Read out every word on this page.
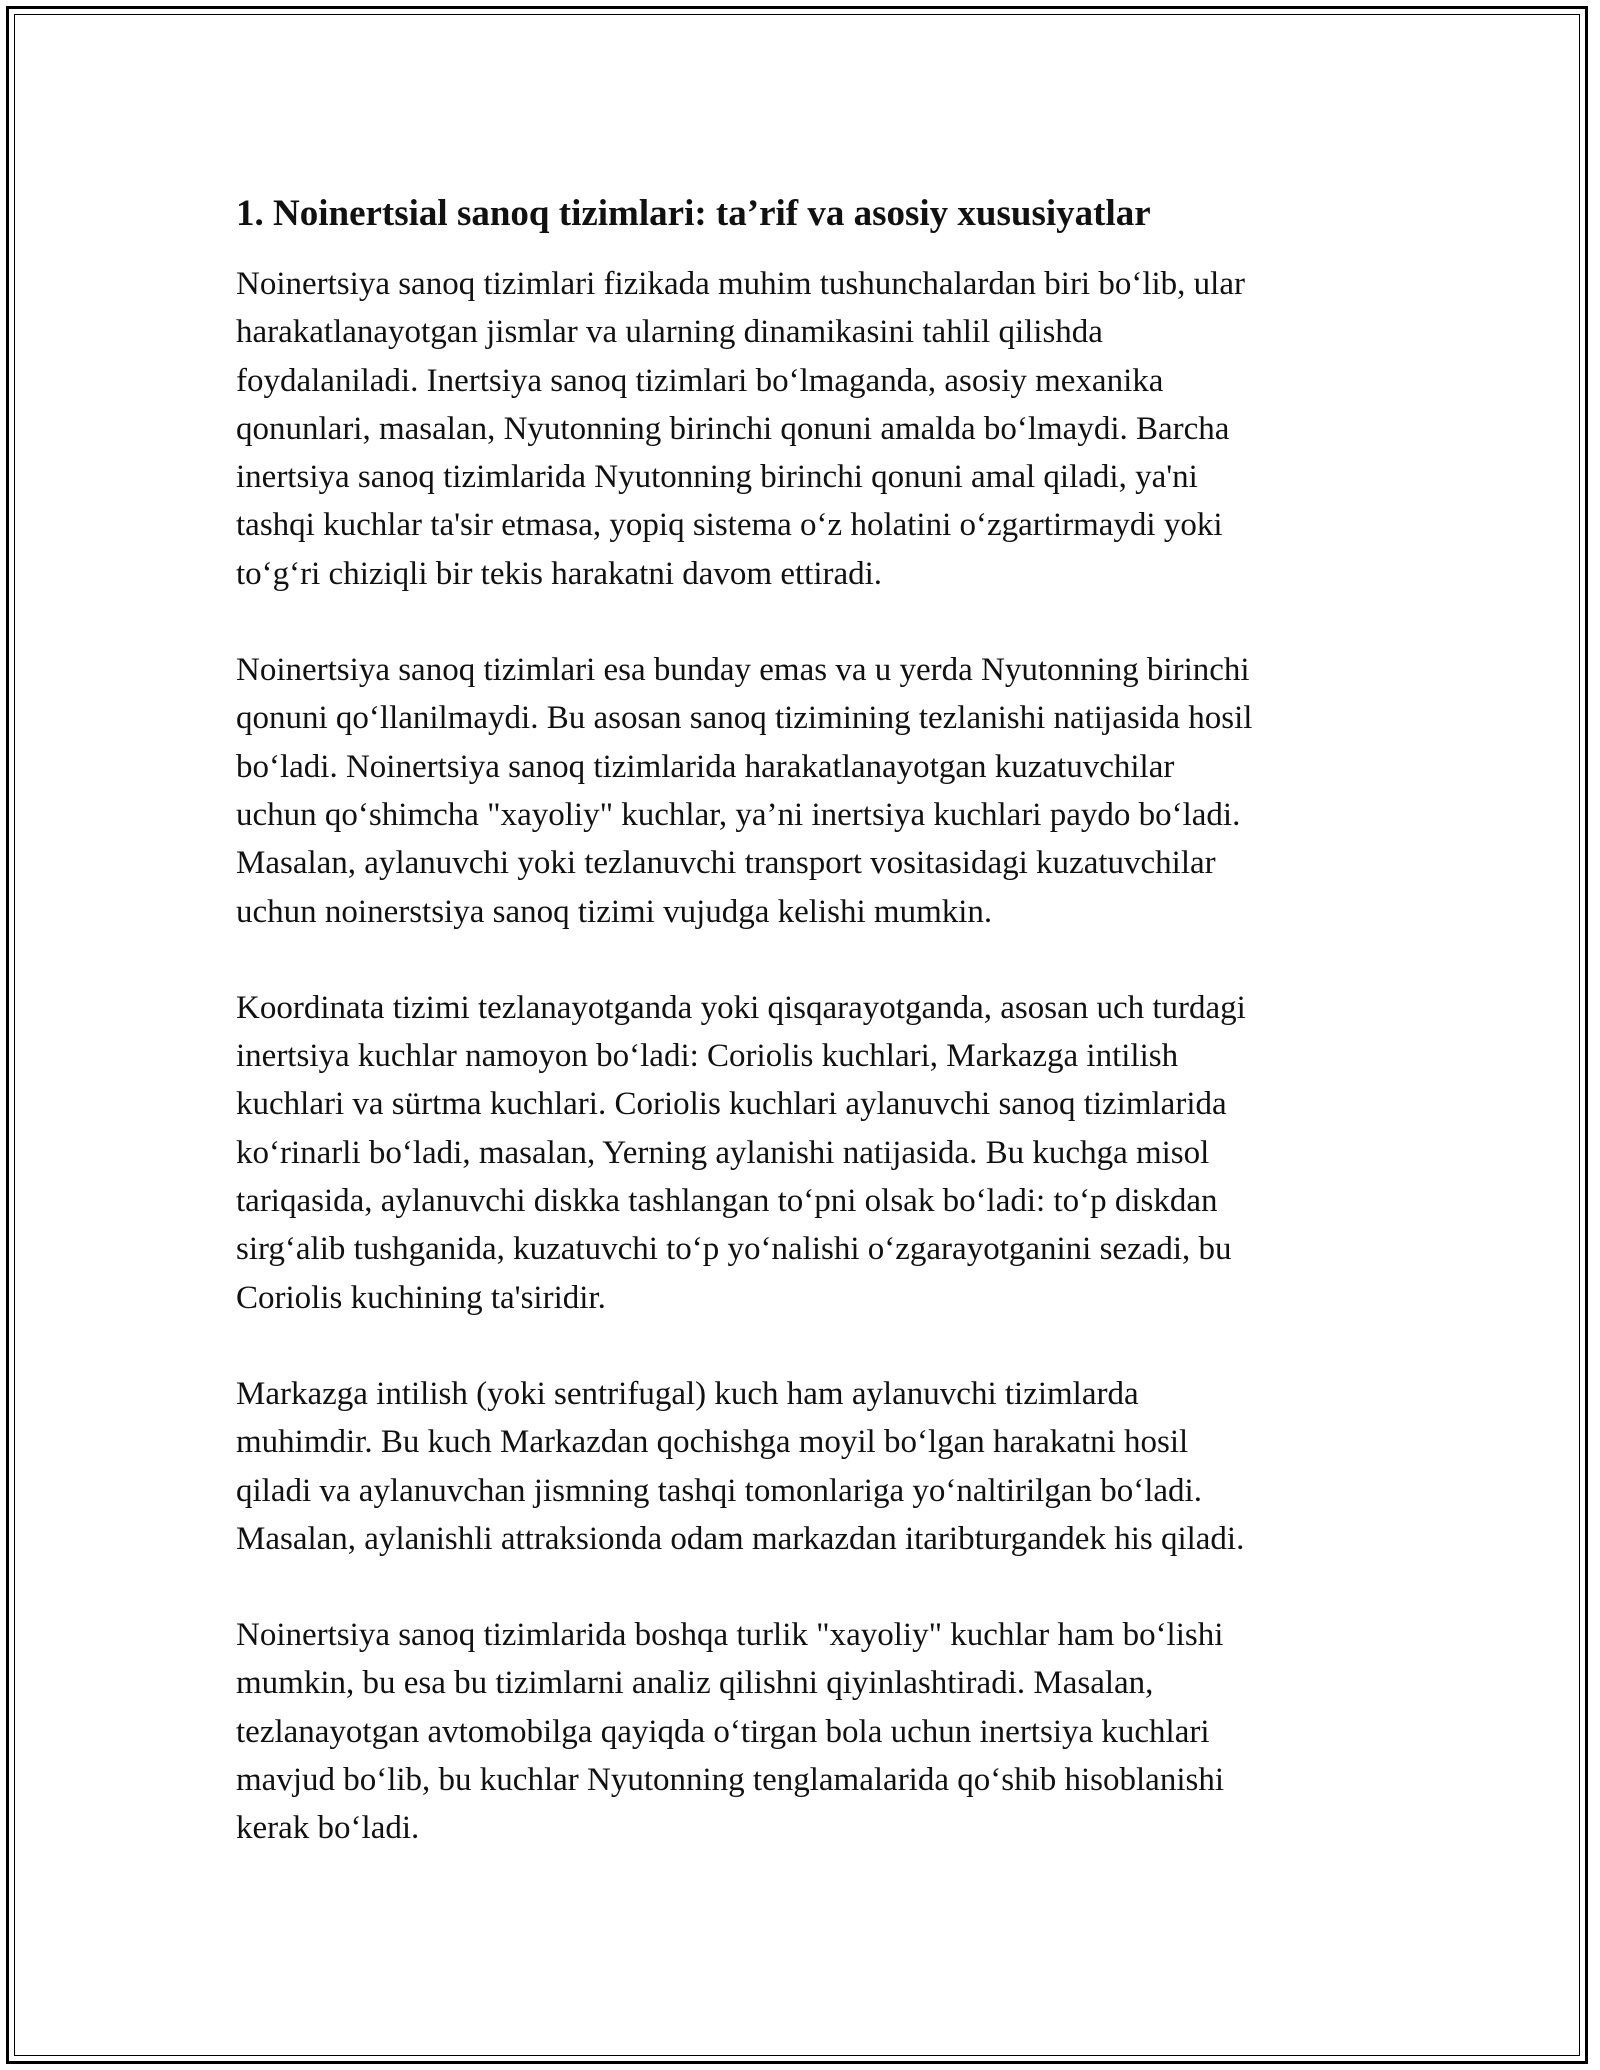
1. Noinertsial sanoq tizimlari: ta’rif va asosiy xususiyatlar

Noinertsiya sanoq tizimlari fizikada muhim tushunchalardan biri bo‘lib, ular
harakatlanayotgan jismlar va ularning dinamikasini tahlil qilishda
foydalaniladi. Inertsiya sanoq tizimlari bo‘lmaganda, asosiy mexanika
qonunlari, masalan, Nyutonning birinchi qonuni amalda bo‘lmaydi. Barcha
inertsiya sanoq tizimlarida Nyutonning birinchi qonuni amal qiladi, ya'ni
tashqi kuchlar ta'sir etmasa, yopiq sistema o‘z holatini o‘zgartirmaydi yoki
to‘g‘ri chiziqli bir tekis harakatni davom ettiradi.

Noinertsiya sanoq tizimlari esa bunday emas va u yerda Nyutonning birinchi
qonuni qo‘llanilmaydi. Bu asosan sanoq tizimining tezlanishi natijasida hosil
bo‘ladi. Noinertsiya sanoq tizimlarida harakatlanayotgan kuzatuvchilar
uchun qo‘shimcha "xayoliy" kuchlar, ya’ni inertsiya kuchlari paydo bo‘ladi.
Masalan, aylanuvchi yoki tezlanuvchi transport vositasidagi kuzatuvchilar
uchun noinerstsiya sanoq tizimi vujudga kelishi mumkin.

Koordinata tizimi tezlanayotganda yoki qisqarayotganda, asosan uch turdagi
inertsiya kuchlar namoyon bo‘ladi: Coriolis kuchlari, Markazga intilish
kuchlari va sürtma kuchlari. Coriolis kuchlari aylanuvchi sanoq tizimlarida
ko‘rinarli bo‘ladi, masalan, Yerning aylanishi natijasida. Bu kuchga misol
tariqasida, aylanuvchi diskka tashlangan to‘pni olsak bo‘ladi: to‘p diskdan
sirg‘alib tushganida, kuzatuvchi to‘p yo‘nalishi o‘zgarayotganini sezadi, bu
Coriolis kuchining ta'siridir.

Markazga intilish (yoki sentrifugal) kuch ham aylanuvchi tizimlarda
muhimdir. Bu kuch Markazdan qochishga moyil bo‘lgan harakatni hosil
qiladi va aylanuvchan jismning tashqi tomonlariga yo‘naltirilgan bo‘ladi.
Masalan, aylanishli attraksionda odam markazdan itaribturgandek his qiladi.

Noinertsiya sanoq tizimlarida boshqa turlik "xayoliy" kuchlar ham bo‘lishi
mumkin, bu esa bu tizimlarni analiz qilishni qiyinlashtiradi. Masalan,
tezlanayotgan avtomobilga qayiqda o‘tirgan bola uchun inertsiya kuchlari
mavjud bo‘lib, bu kuchlar Nyutonning tenglamalarida qo‘shib hisoblanishi
kerak bo‘ladi.
